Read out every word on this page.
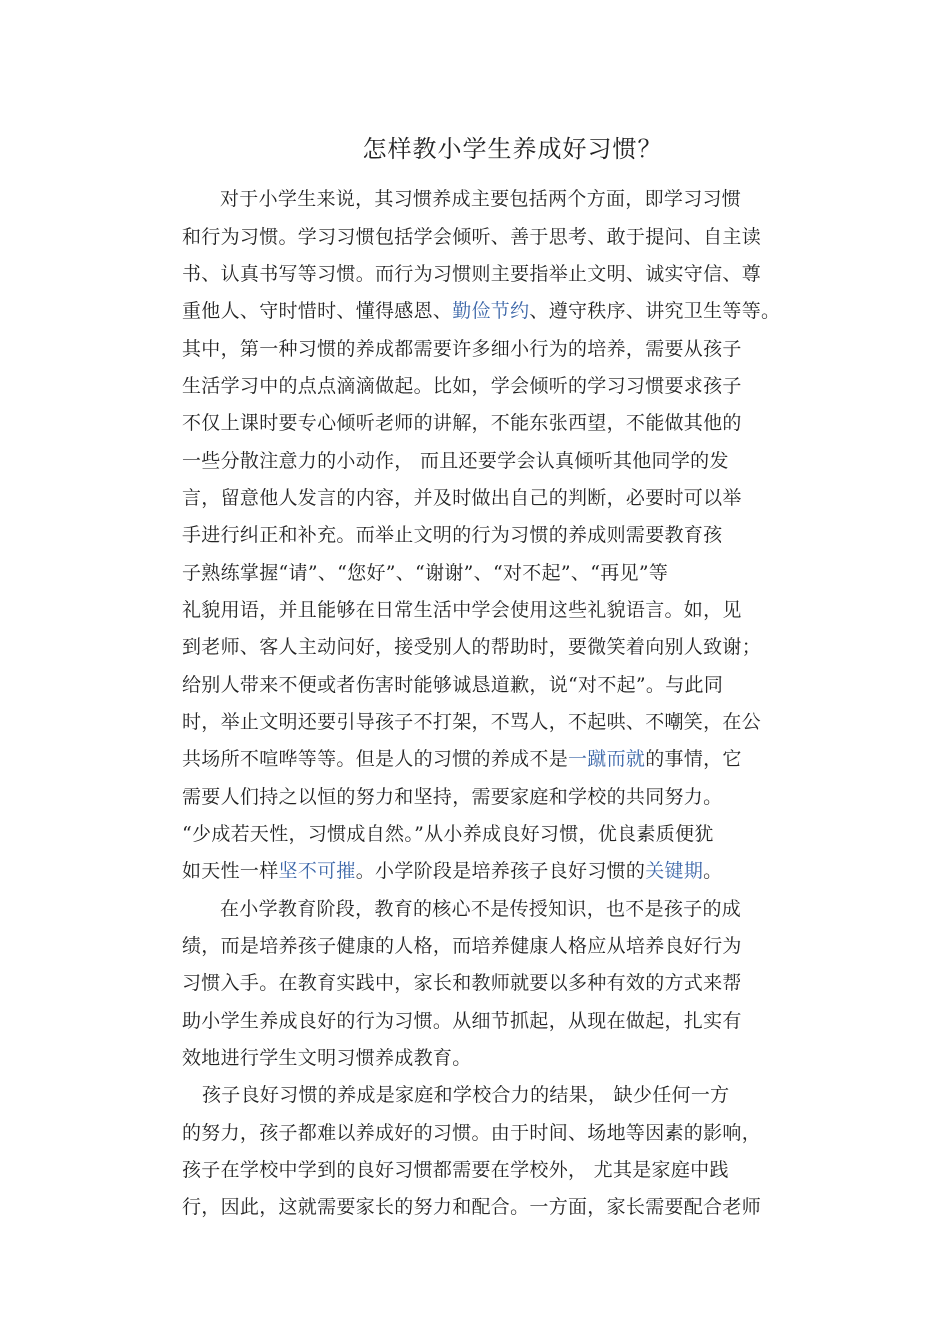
怎样教小学生养成好习惯？
对于小学生来说，其习惯养成主要包括两个方面，即学习习惯
和行为习惯。学习习惯包括学会倾听、善于思考、敢于提问、自主读
书、认真书写等习惯。而行为习惯则主要指举止文明、诚实守信、尊
重他人、守时惜时、懂得感恩、勤俭节约、遵守秩序、讲究卫生等等。
其中，第一种习惯的养成都需要许多细小行为的培养，需要从孩子
生活学习中的点点滴滴做起。比如，学会倾听的学习习惯要求孩子
不仅上课时要专心倾听老师的讲解，不能东张西望，不能做其他的
一些分散注意力的小动作， 而且还要学会认真倾听其他同学的发
言，留意他人发言的内容，并及时做出自己的判断，必要时可以举
手进行纠正和补充。而举止文明的行为习惯的养成则需要教育孩
子熟练掌握“请”、“您好”、“谢谢”、“对不起”、“再见”等
礼貌用语，并且能够在日常生活中学会使用这些礼貌语言。如，见
到老师、客人主动问好，接受别人的帮助时，要微笑着向别人致谢；
给别人带来不便或者伤害时能够诚恳道歉，说“对不起”。与此同
时，举止文明还要引导孩子不打架，不骂人，不起哄、不嘲笑，在公
共场所不喧哗等等。但是人的习惯的养成不是一蹴而就的事情，它
需要人们持之以恒的努力和坚持，需要家庭和学校的共同努力。
“少成若天性，习惯成自然。”从小养成良好习惯，优良素质便犹
如天性一样坚不可摧。小学阶段是培养孩子良好习惯的关键期。
在小学教育阶段，教育的核心不是传授知识，也不是孩子的成
绩，而是培养孩子健康的人格，而培养健康人格应从培养良好行为
习惯入手。在教育实践中，家长和教师就要以多种有效的方式来帮
助小学生养成良好的行为习惯。从细节抓起，从现在做起，扎实有
效地进行学生文明习惯养成教育。
孩子良好习惯的养成是家庭和学校合力的结果， 缺少任何一方
的努力，孩子都难以养成好的习惯。由于时间、场地等因素的影响，
孩子在学校中学到的良好习惯都需要在学校外， 尤其是家庭中践
行，因此，这就需要家长的努力和配合。一方面，家长需要配合老师
